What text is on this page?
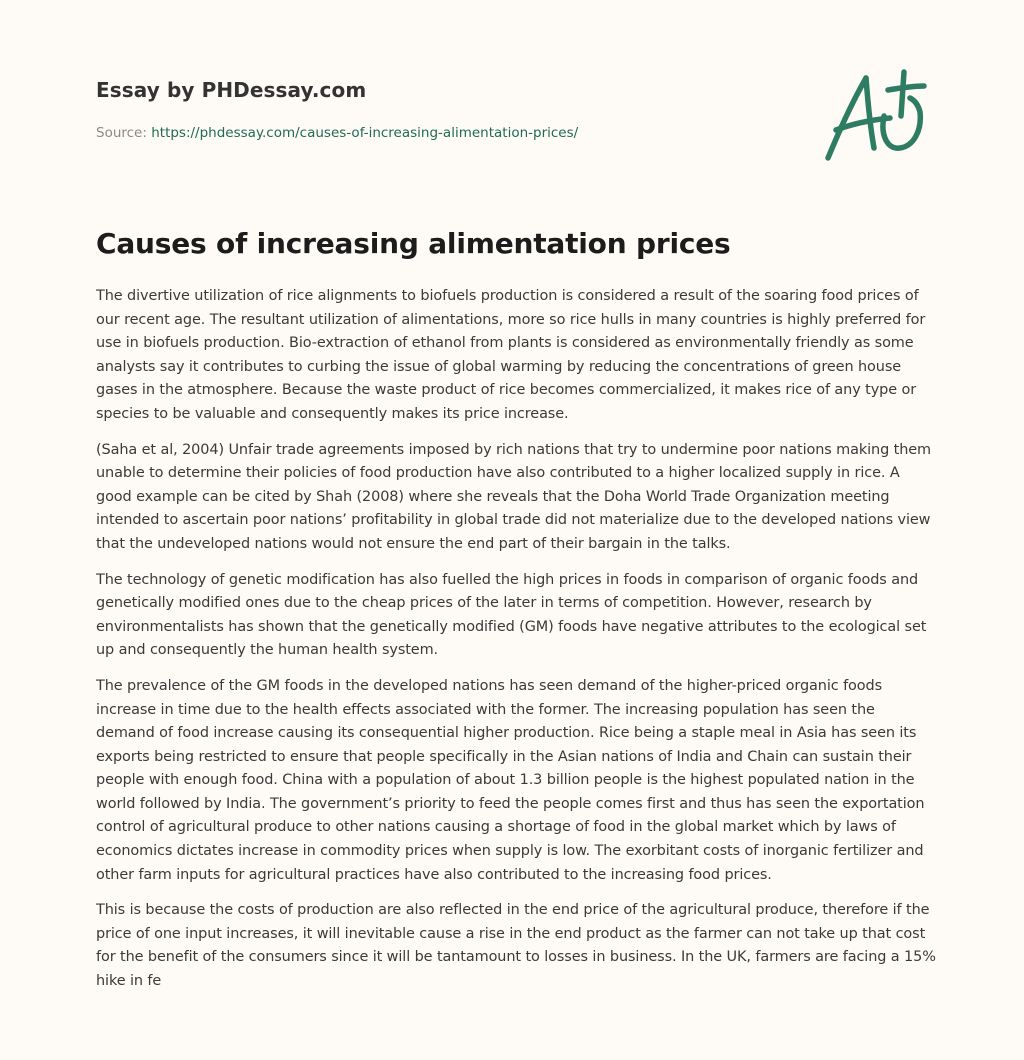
Essay by PHDessay.com
Source: https://phdessay.com/causes-of-increasing-alimentation-prices/
Causes of increasing alimentation prices

The divertive utilization of rice alignments to biofuels production is considered a result of the soaring food prices of our recent age. The resultant utilization of alimentations, more so rice hulls in many countries is highly preferred for use in biofuels production. Bio-extraction of ethanol from plants is considered as environmentally friendly as some analysts say it contributes to curbing the issue of global warming by reducing the concentrations of green house gases in the atmosphere. Because the waste product of rice becomes commercialized, it makes rice of any type or species to be valuable and consequently makes its price increase.

(Saha et al, 2004) Unfair trade agreements imposed by rich nations that try to undermine poor nations making them unable to determine their policies of food production have also contributed to a higher localized supply in rice. A good example can be cited by Shah (2008) where she reveals that the Doha World Trade Organization meeting intended to ascertain poor nations’ profitability in global trade did not materialize due to the developed nations view that the undeveloped nations would not ensure the end part of their bargain in the talks.

The technology of genetic modification has also fuelled the high prices in foods in comparison of organic foods and genetically modified ones due to the cheap prices of the later in terms of competition. However, research by environmentalists has shown that the genetically modified (GM) foods have negative attributes to the ecological set up and consequently the human health system.

The prevalence of the GM foods in the developed nations has seen demand of the higher-priced organic foods increase in time due to the health effects associated with the former. The increasing population has seen the demand of food increase causing its consequential higher production. Rice being a staple meal in Asia has seen its exports being restricted to ensure that people specifically in the Asian nations of India and Chain can sustain their people with enough food. China with a population of about 1.3 billion people is the highest populated nation in the world followed by India. The government’s priority to feed the people comes first and thus has seen the exportation control of agricultural produce to other nations causing a shortage of food in the global market which by laws of economics dictates increase in commodity prices when supply is low. The exorbitant costs of inorganic fertilizer and other farm inputs for agricultural practices have also contributed to the increasing food prices.

This is because the costs of production are also reflected in the end price of the agricultural produce, therefore if the price of one input increases, it will inevitable cause a rise in the end product as the farmer can not take up that cost for the benefit of the consumers since it will be tantamount to losses in business. In the UK, farmers are facing a 15% hike in fe
